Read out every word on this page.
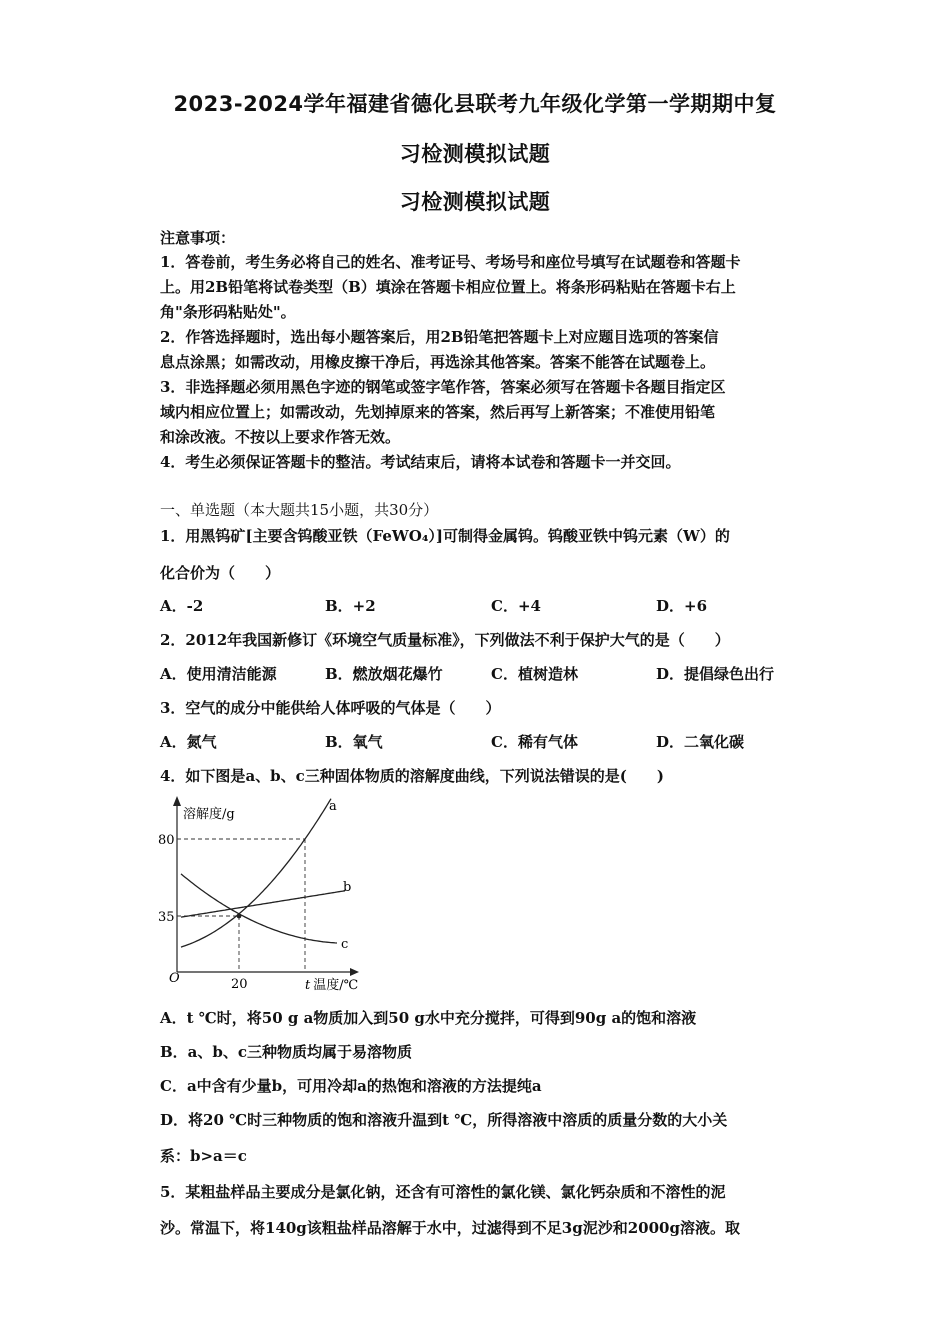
2023-2024学年福建省德化县联考九年级化学第一学期期中复
习检测模拟试题
习检测模拟试题
注意事项：
1．答卷前，考生务必将自己的姓名、准考证号、考场号和座位号填写在试题卷和答题卡
上。用2B铅笔将试卷类型（B）填涂在答题卡相应位置上。将条形码粘贴在答题卡右上
角"条形码粘贴处"。
2．作答选择题时，选出每小题答案后，用2B铅笔把答题卡上对应题目选项的答案信
息点涂黑；如需改动，用橡皮擦干净后，再选涂其他答案。答案不能答在试题卷上。
3．非选择题必须用黑色字迹的钢笔或签字笔作答，答案必须写在答题卡各题目指定区
域内相应位置上；如需改动，先划掉原来的答案，然后再写上新答案；不准使用铅笔
和涂改液。不按以上要求作答无效。
4．考生必须保证答题卡的整洁。考试结束后，请将本试卷和答题卡一并交回。
一、单选题（本大题共15小题，共30分）
1．用黑钨矿[主要含钨酸亚铁（FeWO₄）]可制得金属钨。钨酸亚铁中钨元素（W）的
化合价为（　　）
A．-2	B．+2	C．+4	D．+6
2．2012年我国新修订《环境空气质量标准》，下列做法不利于保护大气的是（　　）
A．使用清洁能源	B．燃放烟花爆竹	C．植树造林	D．提倡绿色出行
3．空气的成分中能供给人体呼吸的气体是（　　）
A．氮气	B．氧气	C．稀有气体	D．二氧化碳
4．如下图是a、b、c三种固体物质的溶解度曲线，下列说法错误的是(　　)
溶解度/g
t 温度/℃
O	20
80
35
a
b
c
A．t ℃时，将50 g a物质加入到50 g水中充分搅拌，可得到90g a的饱和溶液
B．a、b、c三种物质均属于易溶物质
C．a中含有少量b，可用冷却a的热饱和溶液的方法提纯a
D．将20 ℃时三种物质的饱和溶液升温到t ℃，所得溶液中溶质的质量分数的大小关
系：b>a＝c
5．某粗盐样品主要成分是氯化钠，还含有可溶性的氯化镁、氯化钙杂质和不溶性的泥
沙。常温下，将140g该粗盐样品溶解于水中，过滤得到不足3g泥沙和2000g溶液。取
